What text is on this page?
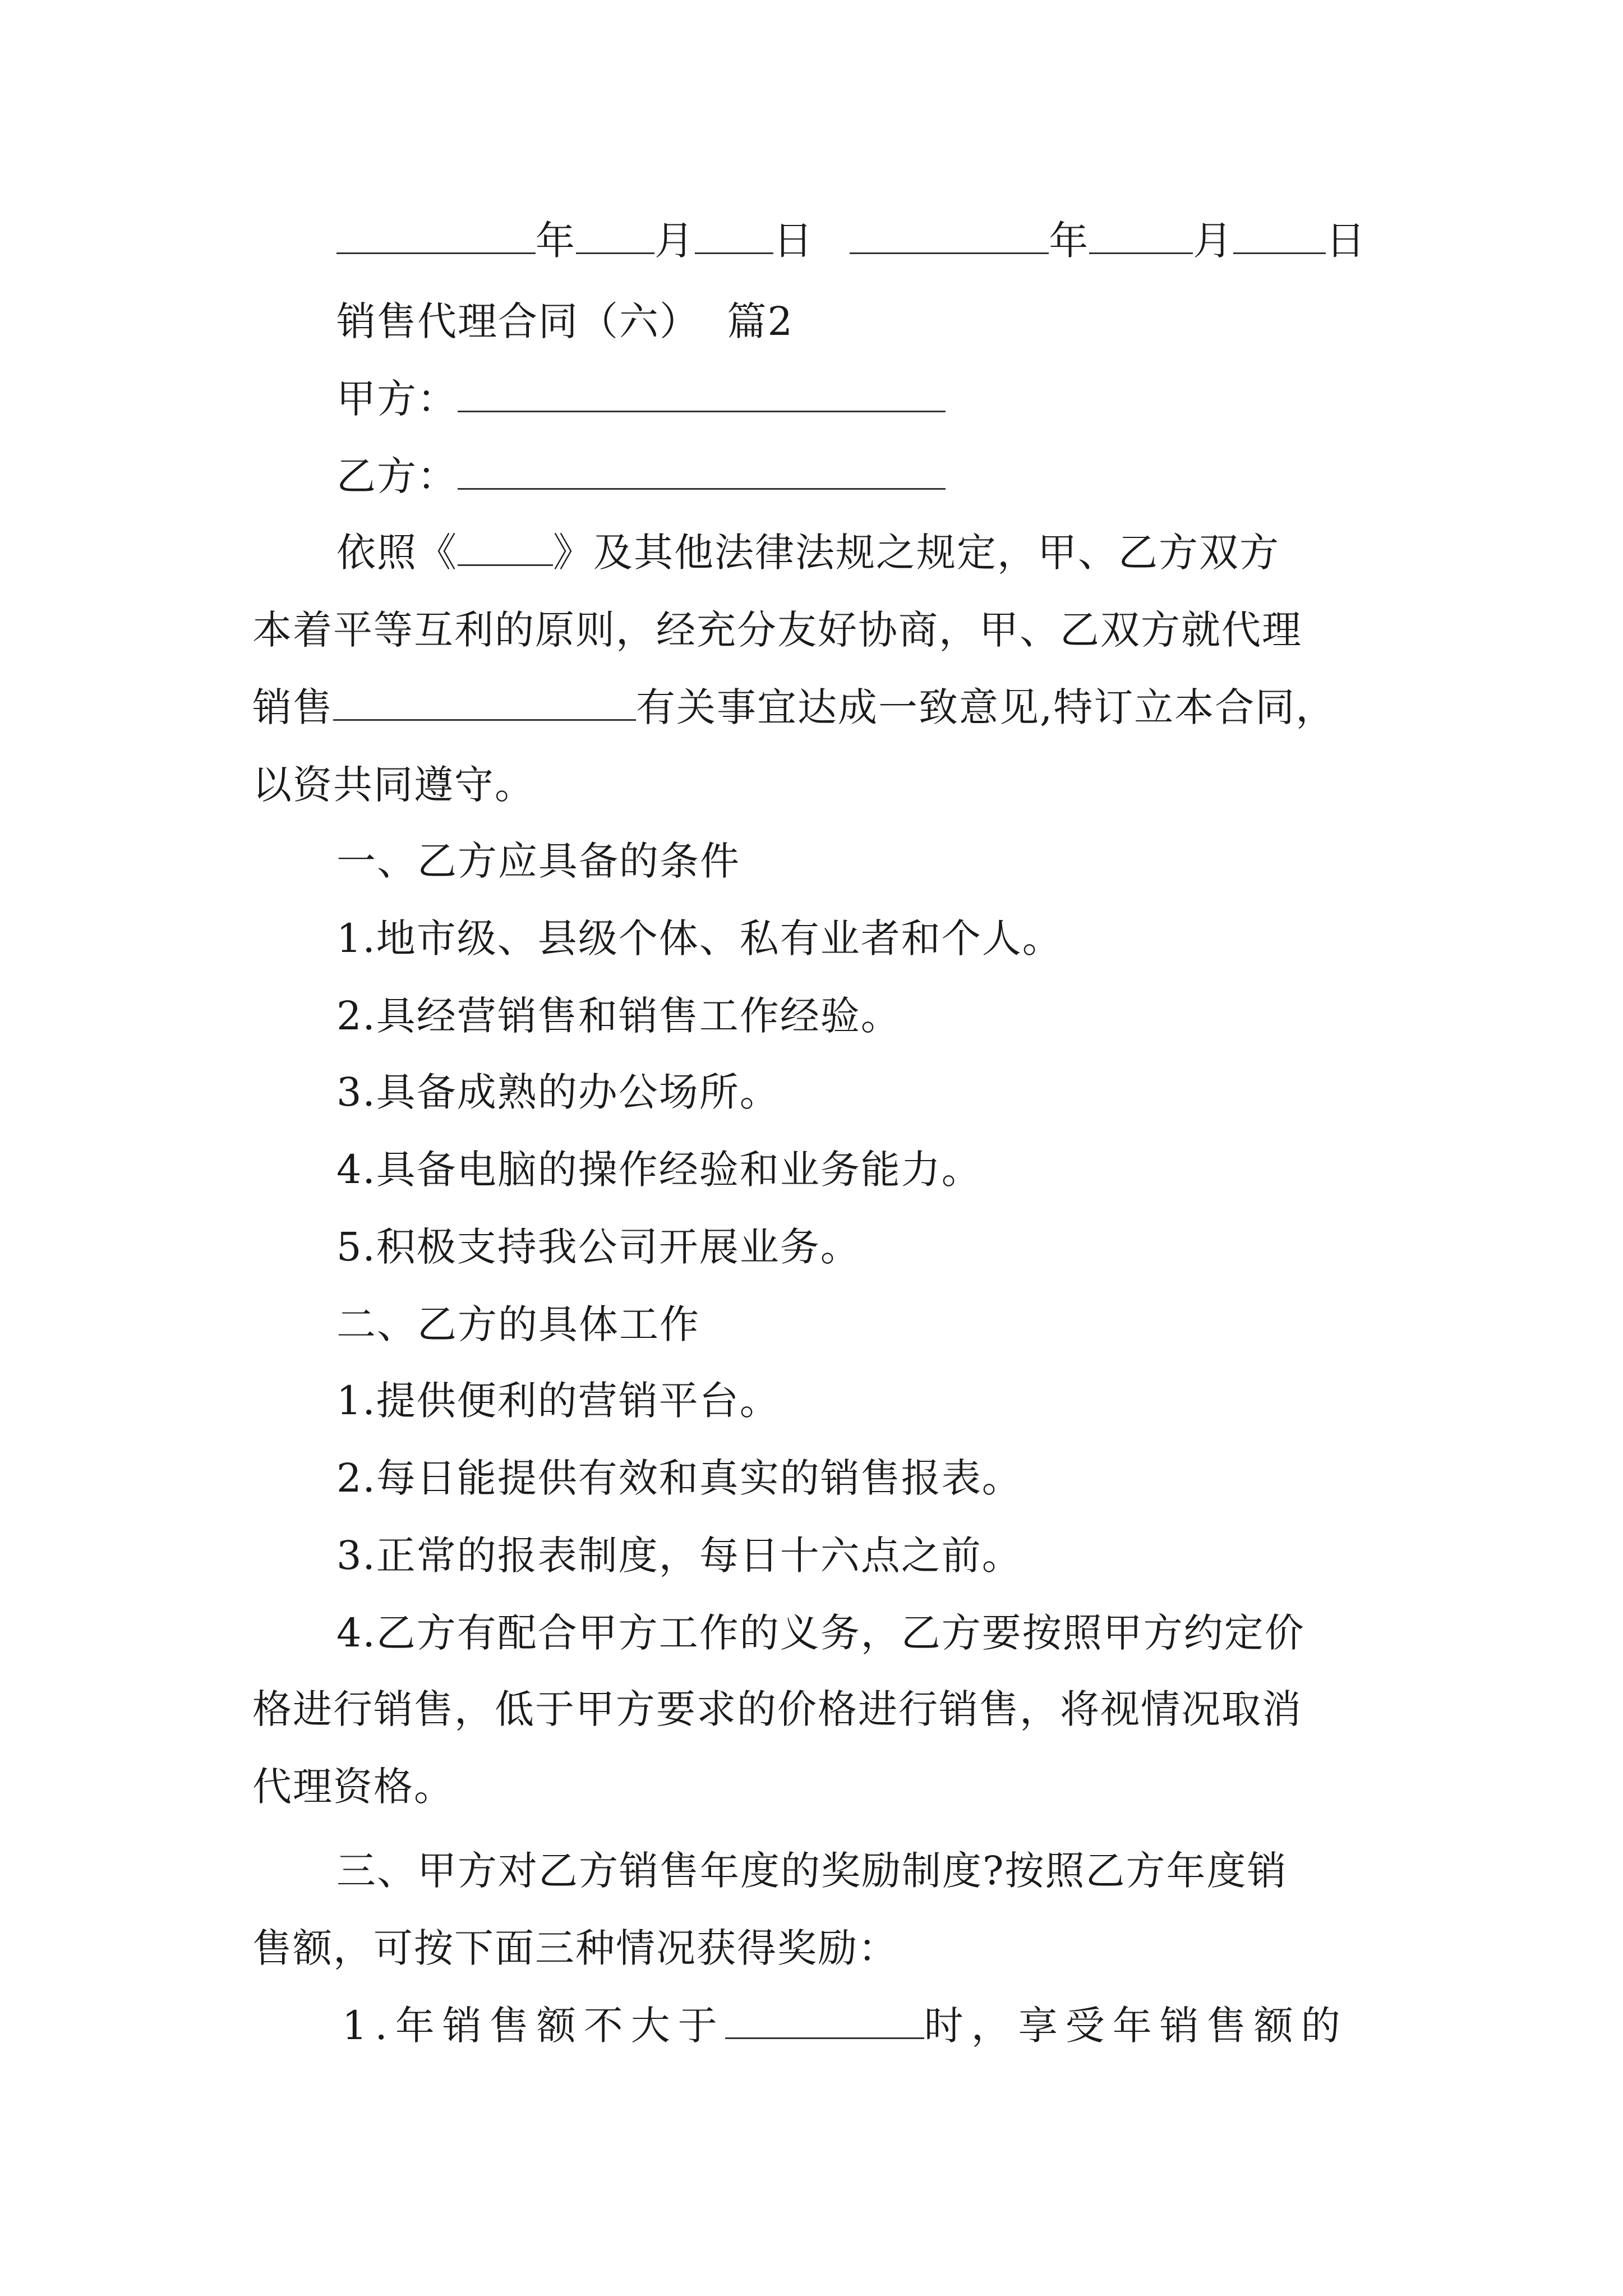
年 月 日	年	月 日
销售代理合同（六）  篇2
甲方：
乙方：
依照《 》及其他法律法规之规定，甲、乙方双方
本着平等互利的原则，经充分友好协商，甲、乙双方就代理
销售	有关事宜达成一致意见,特订立本合同，
以资共同遵守。
一、乙方应具备的条件
1.地市级、县级个体、私有业者和个人。
2.具经营销售和销售工作经验。
3.具备成熟的办公场所。
4.具备电脑的操作经验和业务能力。
5.积极支持我公司开展业务。
二、乙方的具体工作
1.提供便利的营销平台。
2.每日能提供有效和真实的销售报表。
3.正常的报表制度，每日十六点之前。
4.乙方有配合甲方工作的义务，乙方要按照甲方约定价
格进行销售，低于甲方要求的价格进行销售，将视情况取消
代理资格。
三、甲方对乙方销售年度的奖励制度?按照乙方年度销
售额，可按下面三种情况获得奖励：
1.年销售额不大于	时，享受年销售额的
